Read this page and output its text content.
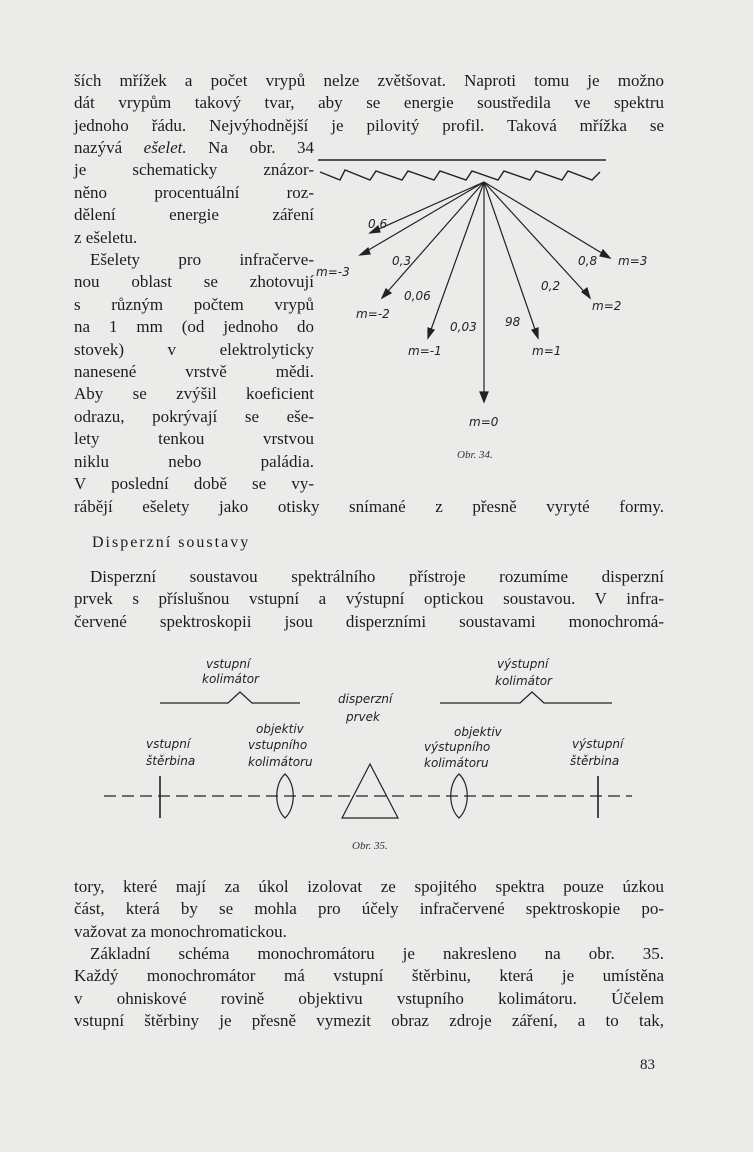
ších mřížek a počet vrypů nelze zvětšovat. Naproti tomu je možno
dát vrypům takový tvar, aby se energie soustředila ve spektru
jednoho řádu. Nejvýhodnější je pilovitý profil. Taková mřížka se
nazývá ešelet. Na obr. 34
je schematicky znázor-
něno procentuální roz-
dělení energie záření
z ešeletu.
Ešelety pro infračerve-
nou oblast se zhotovují
s různým počtem vrypů
na 1 mm (od jednoho do
stovek) v elektrolyticky
nanesené vrstvě mědi.
Aby se zvýšil koeficient
odrazu, pokrývají se eše-
lety tenkou vrstvou
niklu nebo paládia.
V poslední době se vy-
rábějí ešelety jako otisky snímané z přesně vyryté formy.
Disperzní soustavy
Disperzní soustavou spektrálního přístroje rozumíme disperzní
prvek s příslušnou vstupní a výstupní optickou soustavou. V infra-
červené spektroskopii jsou disperzními soustavami monochromá-
tory, které mají za úkol izolovat ze spojitého spektra pouze úzkou
část, která by se mohla pro účely infračervené spektroskopie po-
važovat za monochromatickou.
Základní schéma monochromátoru je nakresleno na obr. 35.
Každý monochromátor má vstupní štěrbinu, která je umístěna
v ohniskové rovině objektivu vstupního kolimátoru. Účelem
vstupní štěrbiny je přesně vymezit obraz zdroje záření, a to tak,
83
0,6
m=-3
0,3
0,06
m=-2
0,03
m=-1
98
m=1
0,2
m=2
0,8 m=3
m=0
Obr. 34.
vstupní
kolimátor
výstupní
kolimátor
vstupní
štěrbina
objektiv
vstupního
kolimátoru
disperzní
prvek
objektiv
výstupního
kolimátoru
výstupní
štěrbina
Obr. 35.
